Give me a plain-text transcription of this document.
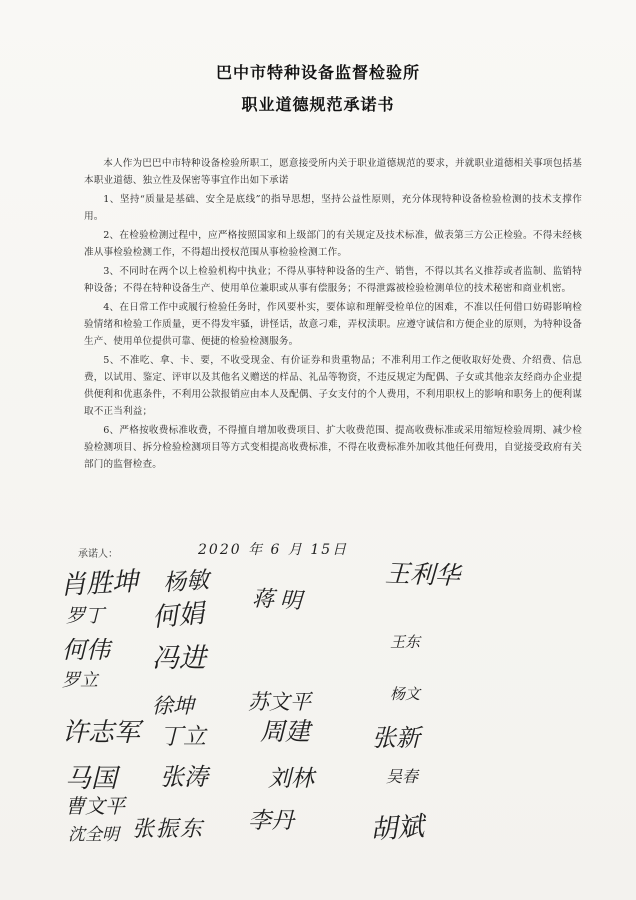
巴中市特种设备监督检验所
职业道德规范承诺书

本人作为巴巴中市特种设备检验所职工，愿意接受所内关于职业道德规范的要求，并就职业道德相关事项包括基本职业道德、独立性及保密等事宜作出如下承诺

1、坚持“质量是基础、安全是底线”的指导思想，坚持公益性原则，充分体现特种设备检验检测的技术支撑作用。

2、在检验检测过程中，应严格按照国家和上级部门的有关规定及技术标准，做表第三方公正检验。不得未经核准从事检验检测工作，不得超出授权范围从事检验检测工作。

3、不同时在两个以上检验机构中执业；不得从事特种设备的生产、销售，不得以其名义推荐或者监制、监销特种设备；不得在特种设备生产、使用单位兼职或从事有偿服务；不得泄露被检验检测单位的技术秘密和商业机密。

4、在日常工作中或履行检验任务时，作风要朴实，要体谅和理解受检单位的困难，不准以任何借口妨碍影响检验情绪和检验工作质量，更不得发牢骚，讲怪话，故意刁难，弄权渎职。应遵守诚信和方便企业的原则，为特种设备生产、使用单位提供可靠、便捷的检验检测服务。

5、不准吃、拿、卡、要，不收受现金、有价证券和贵重物品；不准利用工作之便收取好处费、介绍费、信息费，以试用、鉴定、评审以及其他名义赠送的样品、礼品等物资，不违反规定为配偶、子女或其他亲友经商办企业提供便利和优惠条件，不利用公款报销应由本人及配偶、子女支付的个人费用，不利用职权上的影响和职务上的便利谋取不正当利益；

6、严格按收费标准收费，不得擅自增加收费项目、扩大收费范围、提高收费标准或采用缩短检验周期、减少检验检测项目、拆分检验检测项目等方式变相提高收费标准，不得在收费标准外加收其他任何费用，自觉接受政府有关部门的监督检查。

承诺人：	2020 年 6 月 15日
肖胜坤 杨敏	王利华
罗丁 何娟 蒋明
何伟	王东
罗立
冯进
徐坤	苏文平	杨文
许志军 丁立 周建	张新
马国 张涛	刘林	吴春
曹文平
沈全明 张振东 李丹	胡斌
